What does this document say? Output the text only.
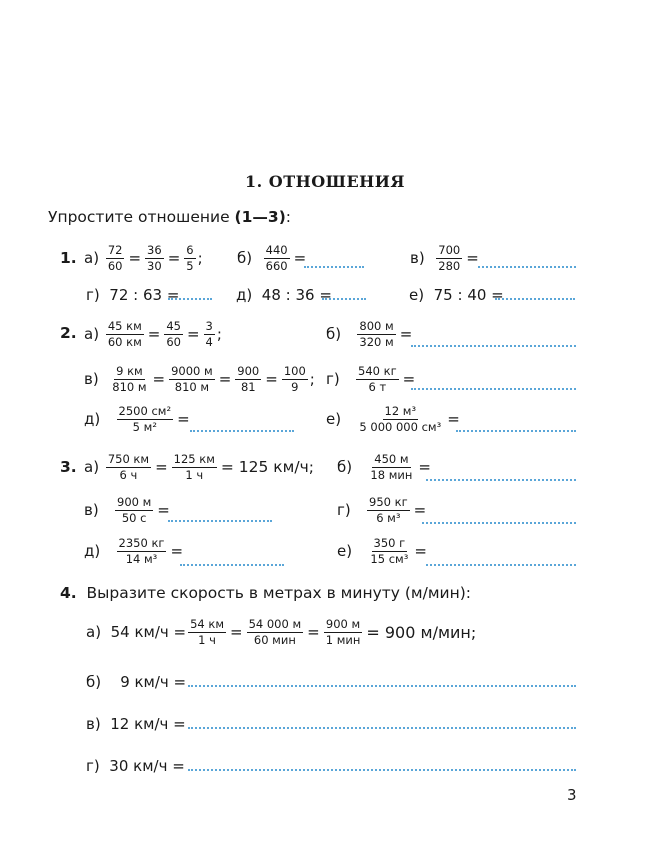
1. ОТНОШЕНИЯ
Упростите отношение (1—3):
1. а)
$\frac{72}{60} = \frac{36}{30} = \frac{6}{5}$ ; б)
$\frac{440}{660}$ =	в)
$\frac{700}{280}$ =
г) 72 : 63 =	д) 48 : 36 =	е) 75 : 40 =
2. а)
$\frac{45 км}{60 км} = \frac{45}{60} = \frac{3}{4}$ ;	б)
$\frac{800 м}{320 м}$ =
в)
$\frac{9 км}{810 м} = \frac{9000 м}{810 м} = \frac{900}{81} = \frac{100}{9}$ ; г)
$\frac{540 кг}{6 т}$ =
д)
$\frac{\text{2500 см²}}{\text{5 м²}}$ =	е)
$\frac{\text{12 м³}}{\text{5 000 000 см³}}$ =
3. а)
$\frac{750 км}{6 ч} = \frac{125 км}{1 ч} = 125$ км/ч; б)
$\frac{450 м}{\text{18 мин}}$ =
в)
$\frac{900 м}{50 с}$ =	г)
$\frac{950 кг}{\text{6 м³}}$ =
д)
$\frac{2350 кг}{\text{14 м³}}$ =	е)
$\frac{350 г}{\text{15 см³}}$ =
4. Выразите скорость в метрах в минуту (м/мин):
а)
54 $км/ч = \frac{54 км}{1 ч} = \frac{54 000 м}{\text{60 мин}} = \frac{900 м}{\text{1 мин}} = 900$ м/мин;
б) 9 км/ч =
в) 12 км/ч =
г) 30 км/ч =
3
